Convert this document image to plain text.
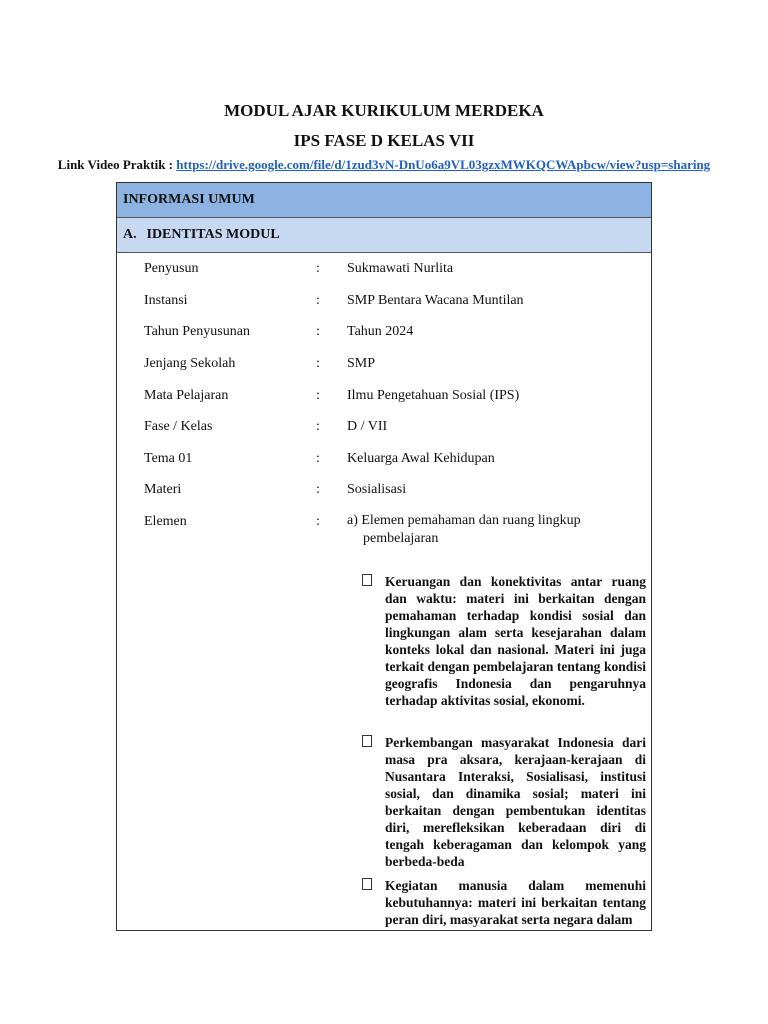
MODUL AJAR KURIKULUM MERDEKA
IPS FASE D KELAS VII
Link Video Praktik : https://drive.google.com/file/d/1zud3vN-DnUo6a9VL03gzxMWKQCWApbcw/view?usp=sharing
INFORMASI UMUM
A. IDENTITAS MODUL
Penyusun	: Sukmawati Nurlita
Instansi	: SMP Bentara Wacana Muntilan
Tahun Penyusunan	: Tahun 2024
Jenjang Sekolah	: SMP
Mata Pelajaran	: Ilmu Pengetahuan Sosial (IPS)
Fase / Kelas	: D / VII
Tema 01	: Keluarga Awal Kehidupan
Materi	: Sosialisasi
Elemen	: a) Elemen pemahaman dan ruang lingkup
pembelajaran
Keruangan dan konektivitas antar ruang dan waktu: materi ini berkaitan dengan pemahaman terhadap kondisi sosial dan lingkungan alam serta kesejarahan dalam konteks lokal dan nasional. Materi ini juga terkait dengan pembelajaran tentang kondisi geografis Indonesia dan pengaruhnya terhadap aktivitas sosial, ekonomi.
Perkembangan masyarakat Indonesia dari masa pra aksara, kerajaan-kerajaan di Nusantara Interaksi, Sosialisasi, institusi sosial, dan dinamika sosial; materi ini berkaitan dengan pembentukan identitas diri, merefleksikan keberadaan diri di tengah keberagaman dan kelompok yang berbeda-beda
Kegiatan manusia dalam memenuhi kebutuhannya: materi ini berkaitan tentang peran diri, masyarakat serta negara dalam
